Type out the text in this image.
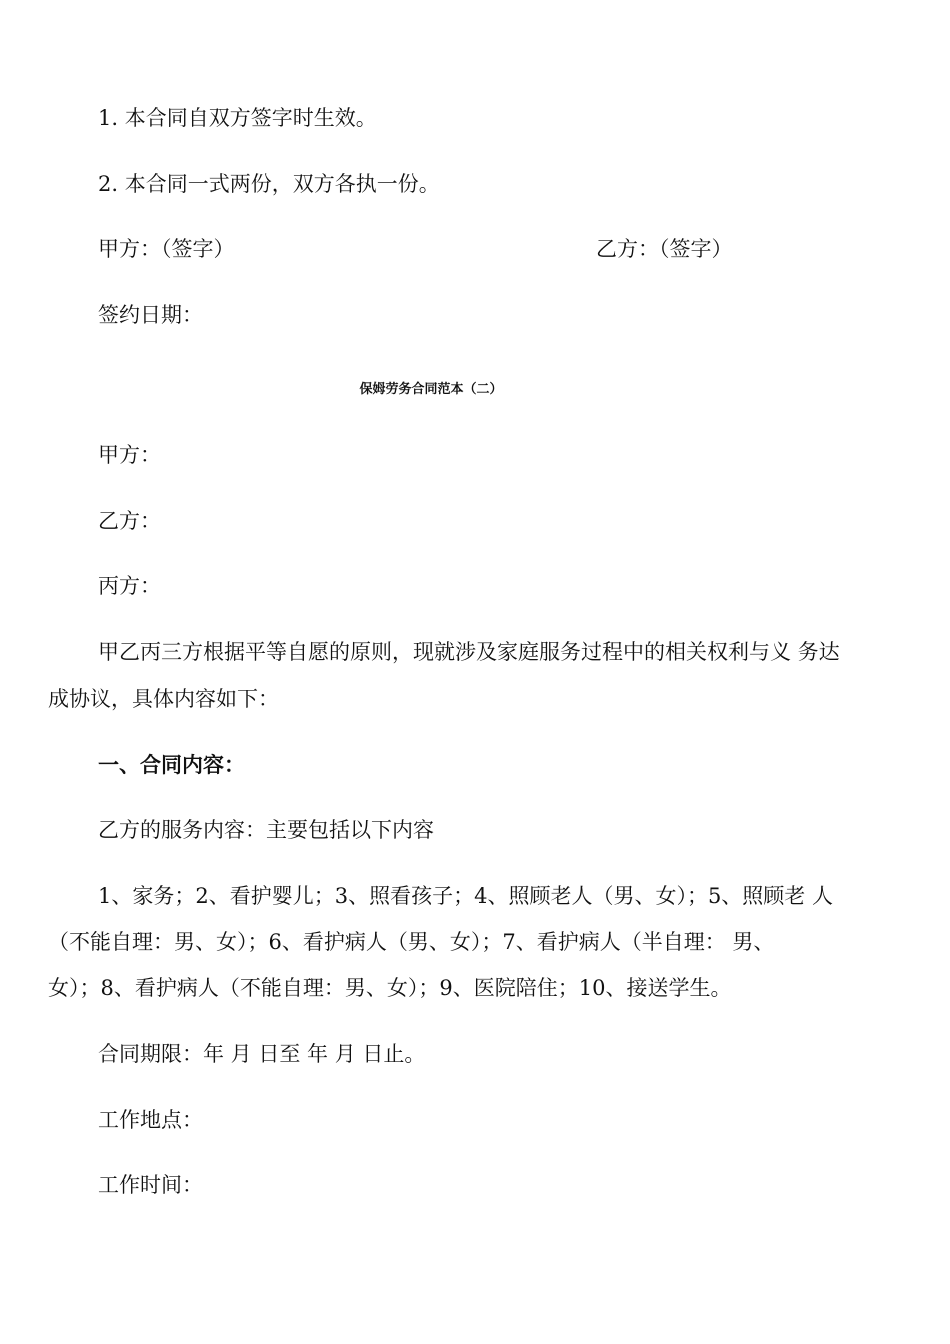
1. 本合同自双方签字时生效。
2. 本合同一式两份，双方各执一份。
甲方：（签字）	乙方：（签字）
签约日期：
保姆劳务合同范本（二）
甲方：
乙方：
丙方：
甲乙丙三方根据平等自愿的原则，现就涉及家庭服务过程中的相关权利与义 务达
成协议，具体内容如下：
一、合同内容：
乙方的服务内容：主要包括以下内容
1、家务；2、看护婴儿；3、照看孩子；4、照顾老人（男、女）；5、照顾老 人
（不能自理：男、女）；6、看护病人（男、女）；7、看护病人（半自理： 男、
女）；8、看护病人（不能自理：男、女）；9、医院陪住；10、接送学生。
合同期限：年 月 日至 年 月 日止。
工作地点：
工作时间：
